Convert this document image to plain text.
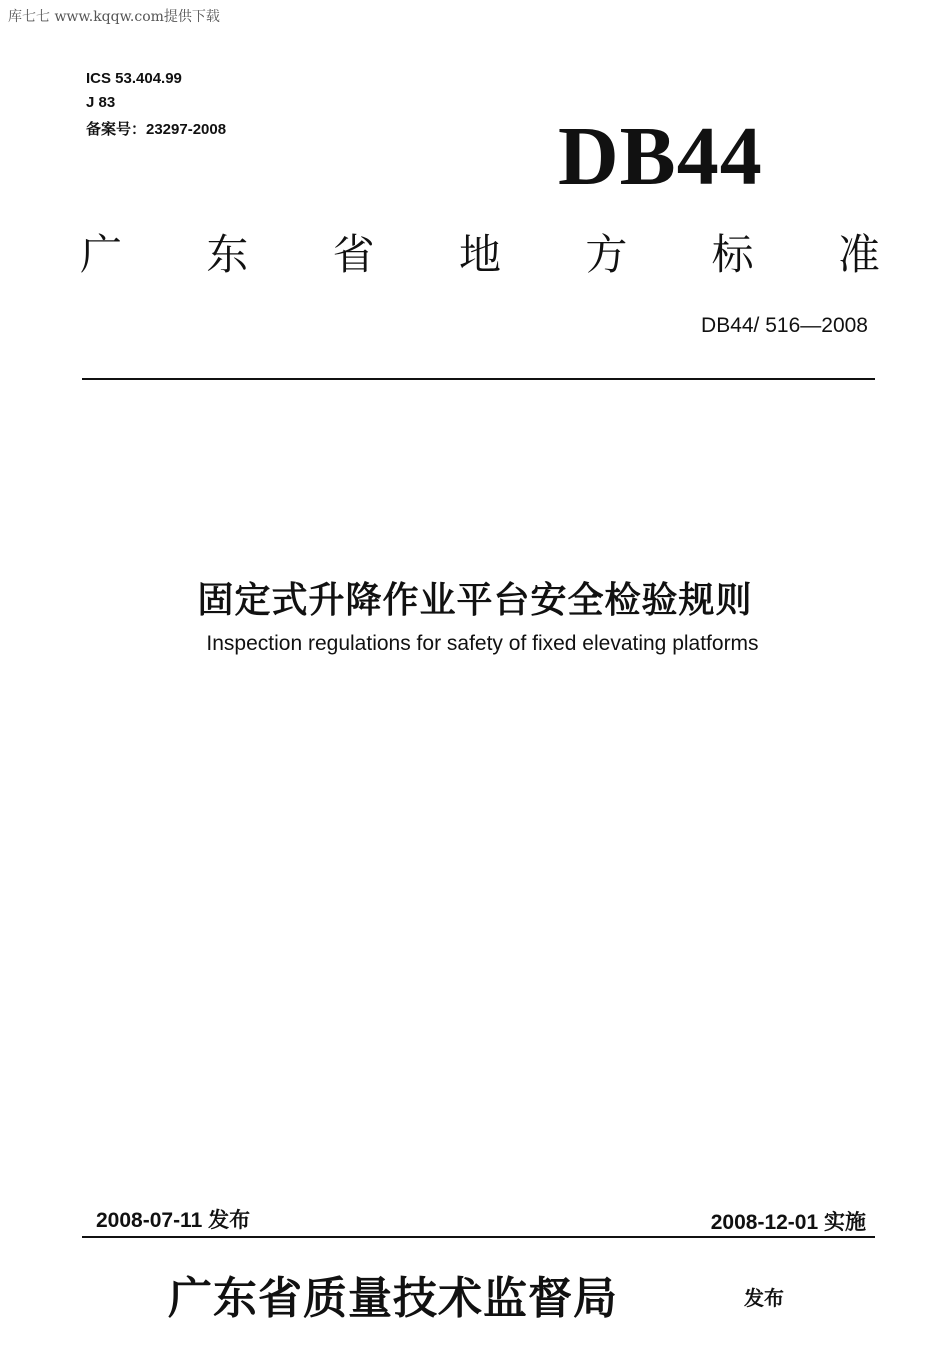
库七七 www.kqqw.com提供下载
ICS 53.404.99
J 83
备案号：23297-2008	DB44
广 东 省 地 方 标 准
DB44/ 516—2008
固定式升降作业平台安全检验规则
Inspection regulations for safety of fixed elevating platforms
2008-07-11 发布	2008-12-01 实施
广东省质量技术监督局	发布
